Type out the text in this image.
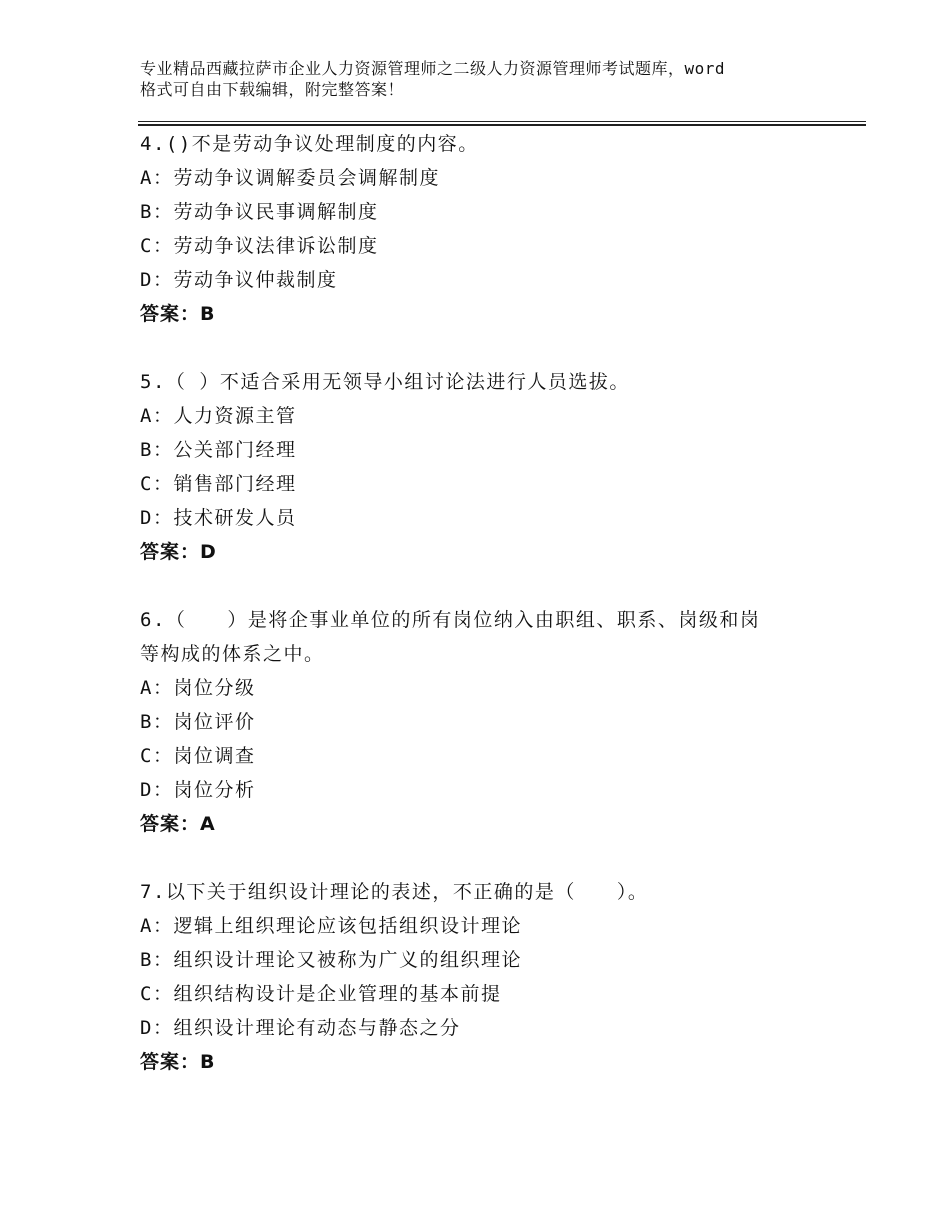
专业精品西藏拉萨市企业人力资源管理师之二级人力资源管理师考试题库，word
格式可自由下载编辑，附完整答案！
4.()不是劳动争议处理制度的内容。
A：劳动争议调解委员会调解制度
B：劳动争议民事调解制度
C：劳动争议法律诉讼制度
D：劳动争议仲裁制度
答案：B
5.（ ）不适合采用无领导小组讨论法进行人员选拔。
A：人力资源主管
B：公关部门经理
C：销售部门经理
D：技术研发人员
答案：D
6.（　　）是将企事业单位的所有岗位纳入由职组、职系、岗级和岗
等构成的体系之中。
A：岗位分级
B：岗位评价
C：岗位调查
D：岗位分析
答案：A
7.以下关于组织设计理论的表述，不正确的是（　　）。
A：逻辑上组织理论应该包括组织设计理论
B：组织设计理论又被称为广义的组织理论
C：组织结构设计是企业管理的基本前提
D：组织设计理论有动态与静态之分
答案：B
